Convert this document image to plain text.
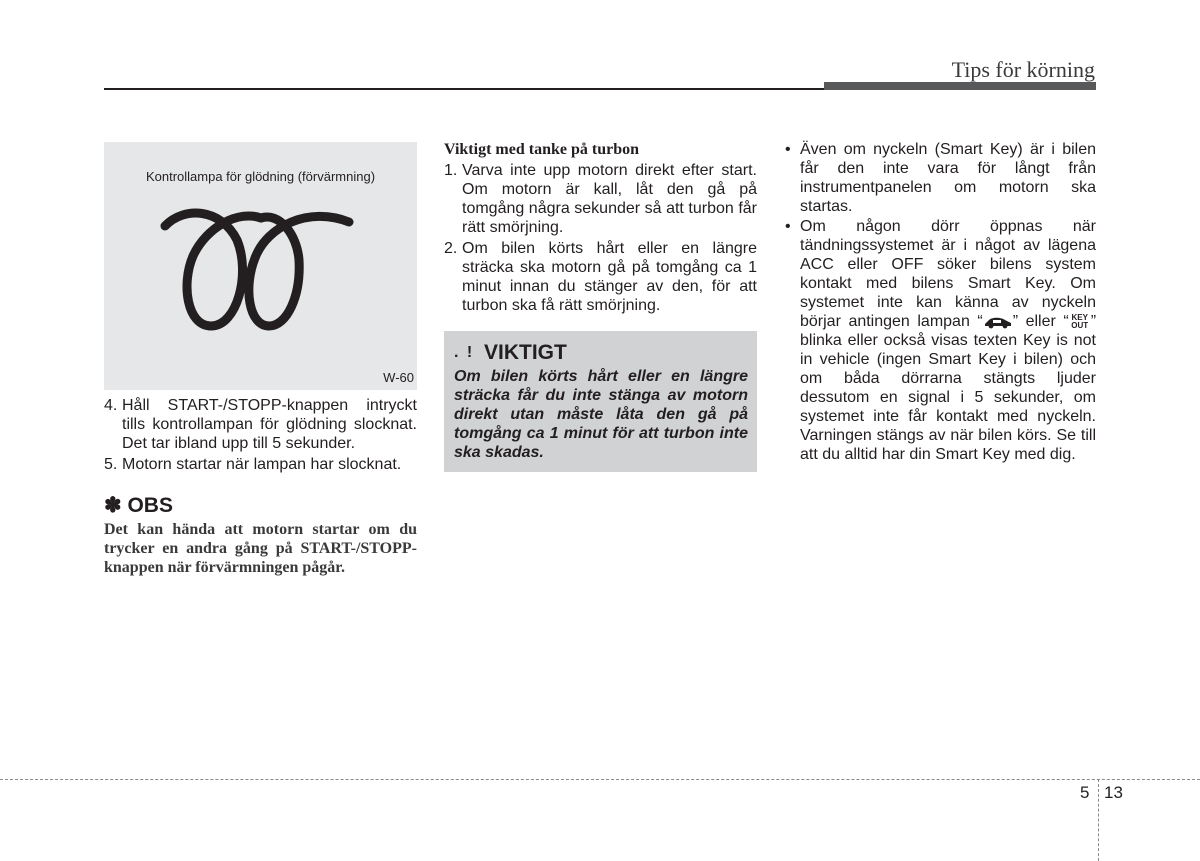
Tips för körning
Kontrollampa för glödning (förvärmning)
W-60
4. Håll START-/STOPP-knappen intryckt tills kontrollampan för glödning slocknat. Det tar ibland upp till 5 sekunder.
5. Motorn startar när lampan har slocknat.
✽ OBS
Det kan hända att motorn startar om du trycker en andra gång på START-/STOPP-knappen när förvärmningen pågår.
Viktigt med tanke på turbon
1. Varva inte upp motorn direkt efter start. Om motorn är kall, låt den gå på tomgång några sekunder så att turbon får rätt smörjning.
2. Om bilen körts hårt eller en längre sträcka ska motorn gå på tomgång ca 1 minut innan du stänger av den, för att turbon ska få rätt smörjning.
. ! VIKTIGT
Om bilen körts hårt eller en längre sträcka får du inte stänga av motorn direkt utan måste låta den gå på tomgång ca 1 minut för att turbon inte ska skadas.
• Även om nyckeln (Smart Key) är i bilen får den inte vara för långt från instrumentpanelen om motorn ska startas.
• Om någon dörr öppnas när tändningssystemet är i något av lägena ACC eller OFF söker bilens system kontakt med bilens Smart Key. Om systemet inte kan känna av nyckeln börjar antingen lampan “ ” eller “ KEY
OUT ” blinka eller också visas texten Key is not in vehicle (ingen Smart Key i bilen) och om båda dörrarna stängts ljuder dessutom en signal i 5 sekunder, om systemet inte får kontakt med nyckeln. Varningen stängs av när bilen körs. Se till att du alltid har din Smart Key med dig.
5 13
